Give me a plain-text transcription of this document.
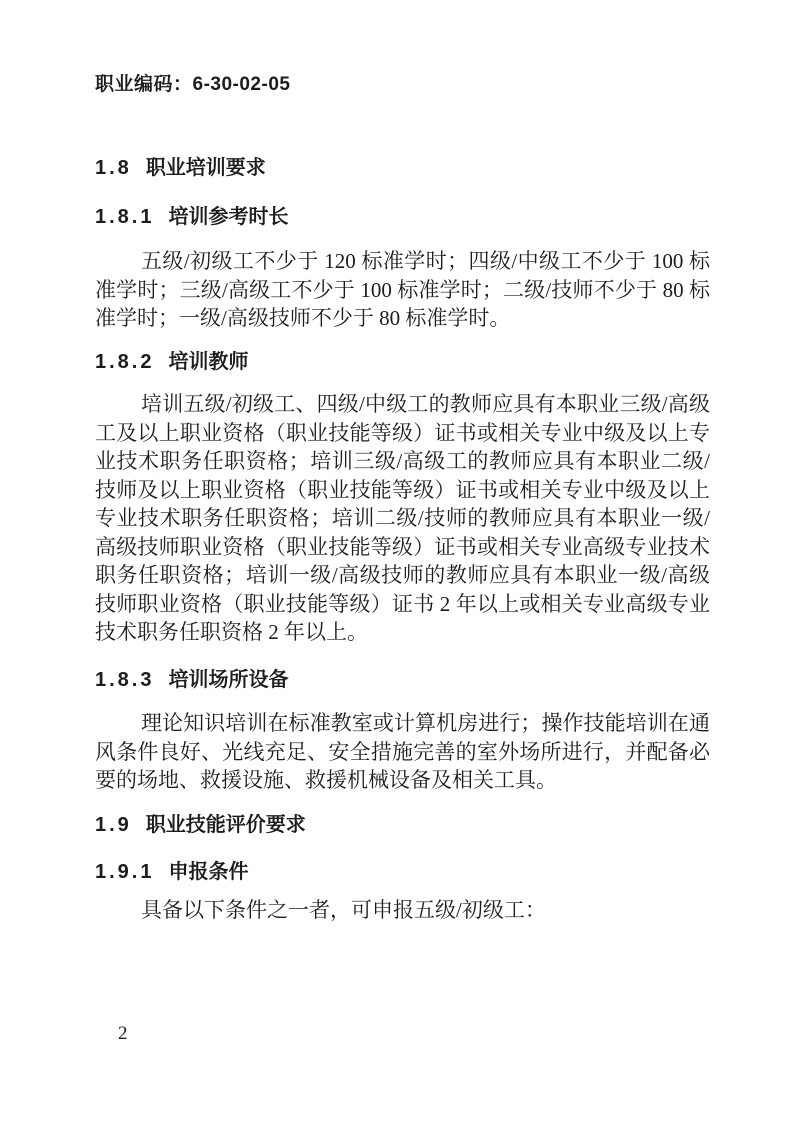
职业编码：6-30-02-05
1.8 职业培训要求
1.8.1 培训参考时长
五级/初级工不少于 120 标准学时；四级/中级工不少于 100 标准学时；三级/高级工不少于 100 标准学时；二级/技师不少于 80 标准学时；一级/高级技师不少于 80 标准学时。
1.8.2 培训教师
培训五级/初级工、四级/中级工的教师应具有本职业三级/高级工及以上职业资格（职业技能等级）证书或相关专业中级及以上专业技术职务任职资格；培训三级/高级工的教师应具有本职业二级/技师及以上职业资格（职业技能等级）证书或相关专业中级及以上专业技术职务任职资格；培训二级/技师的教师应具有本职业一级/高级技师职业资格（职业技能等级）证书或相关专业高级专业技术职务任职资格；培训一级/高级技师的教师应具有本职业一级/高级技师职业资格（职业技能等级）证书 2 年以上或相关专业高级专业技术职务任职资格 2 年以上。
1.8.3 培训场所设备
理论知识培训在标准教室或计算机房进行；操作技能培训在通风条件良好、光线充足、安全措施完善的室外场所进行，并配备必要的场地、救援设施、救援机械设备及相关工具。
1.9 职业技能评价要求
1.9.1 申报条件
具备以下条件之一者，可申报五级/初级工：
2
